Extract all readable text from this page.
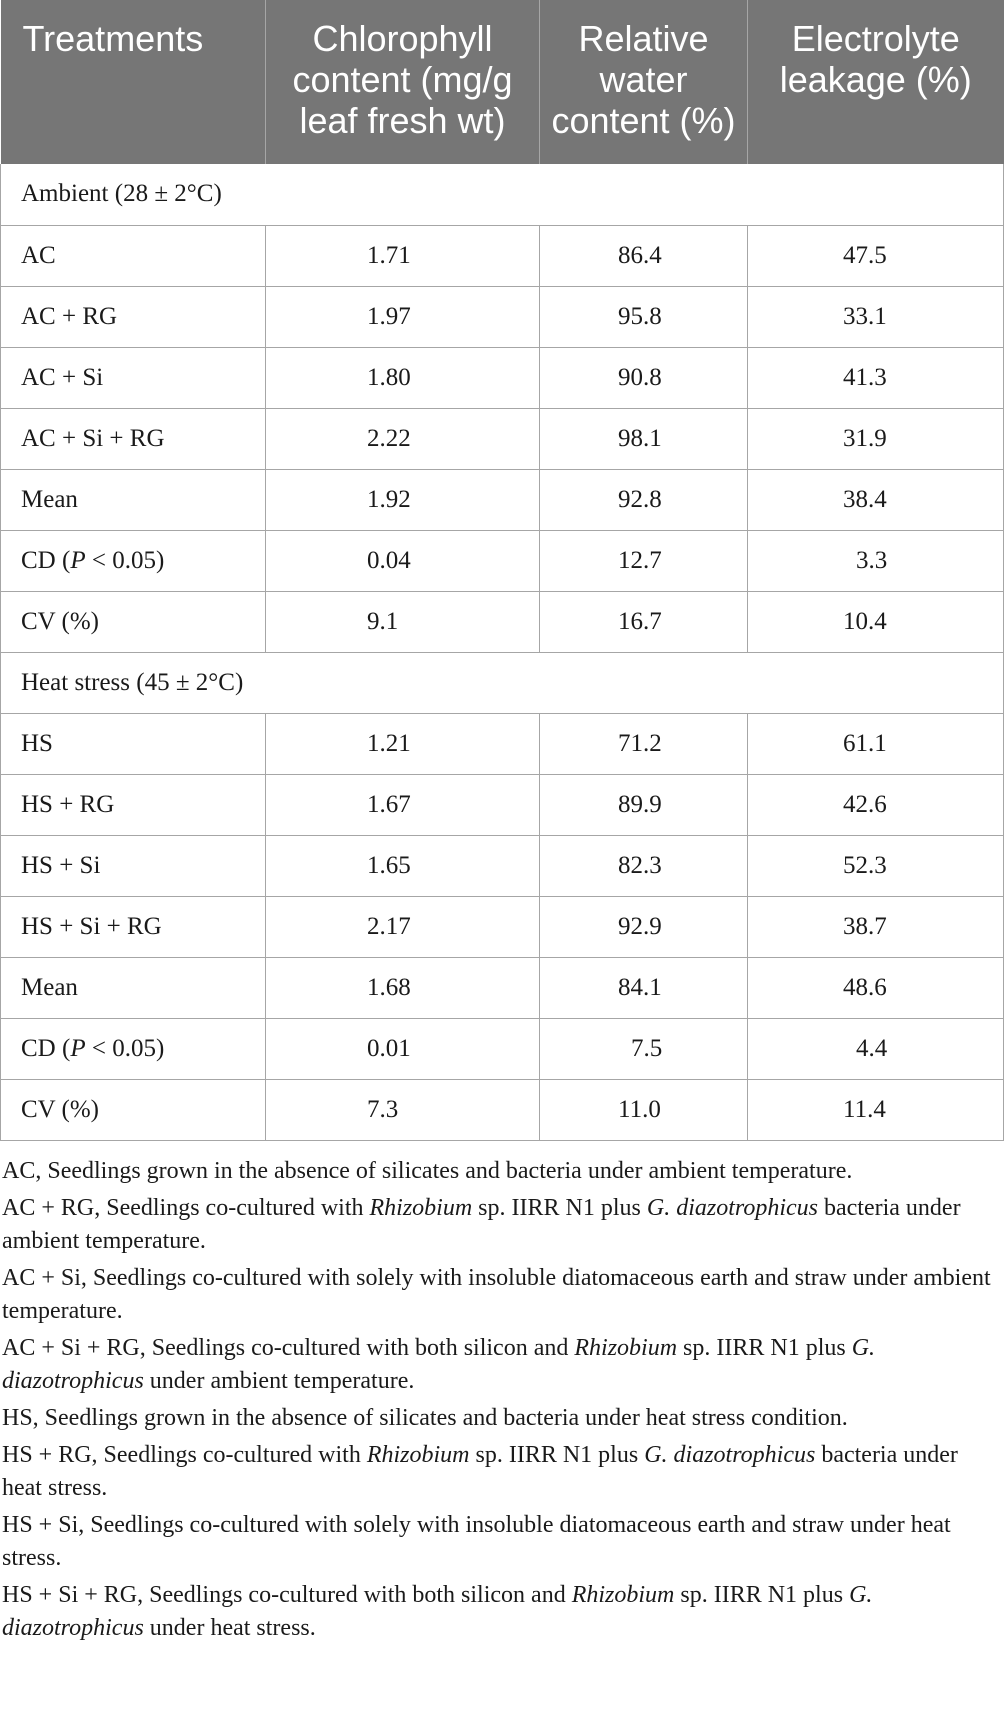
Treatments	Chlorophyll content (mg/g leaf fresh wt)	Relative water content (%)	Electrolyte leakage (%)
Ambient (28 ± 2°C)			
AC	1.71	86.4	47.5
AC + RG	1.97	95.8	33.1
AC + Si	1.80	90.8	41.3
AC + Si + RG	2.22	98.1	31.9
Mean	1.92	92.8	38.4
CD (P < 0.05)	0.04	12.7	3.3
CV (%)	9.1	16.7	10.4
Heat stress (45 ± 2°C)			
HS	1.21	71.2	61.1
HS + RG	1.67	89.9	42.6
HS + Si	1.65	82.3	52.3
HS + Si + RG	2.17	92.9	38.7
Mean	1.68	84.1	48.6
CD (P < 0.05)	0.01	7.5	4.4
CV (%)	7.3	11.0	11.4

AC, Seedlings grown in the absence of silicates and bacteria under ambient temperature.

AC + RG, Seedlings co-cultured with Rhizobium sp. IIRR N1 plus G. diazotrophicus bacteria under ambient temperature.

AC + Si, Seedlings co-cultured with solely with insoluble diatomaceous earth and straw under ambient temperature.

AC + Si + RG, Seedlings co-cultured with both silicon and Rhizobium sp. IIRR N1 plus G. diazotrophicus under ambient temperature.

HS, Seedlings grown in the absence of silicates and bacteria under heat stress condition.

HS + RG, Seedlings co-cultured with Rhizobium sp. IIRR N1 plus G. diazotrophicus bacteria under heat stress.

HS + Si, Seedlings co-cultured with solely with insoluble diatomaceous earth and straw under heat stress.

HS + Si + RG, Seedlings co-cultured with both silicon and Rhizobium sp. IIRR N1 plus G. diazotrophicus under heat stress.
